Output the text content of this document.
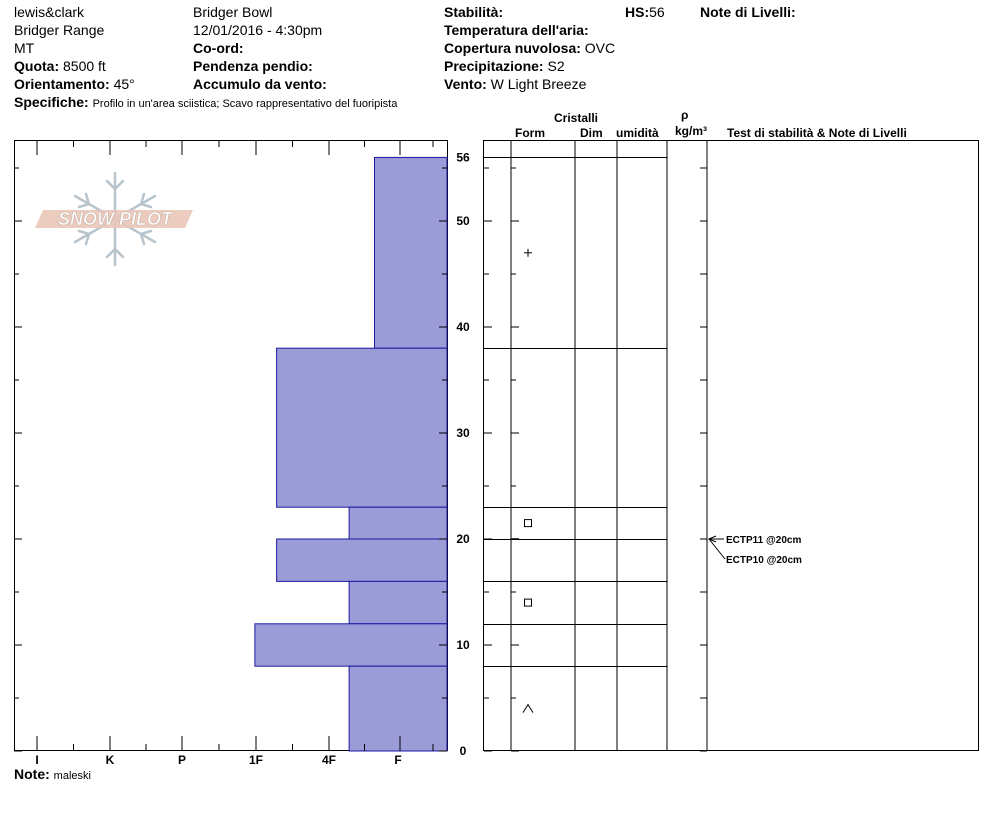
lewis&clark
Bridger Range
MT
Quota: 8500 ft
Orientamento: 45°
Specifiche: Profilo in un'area sciistica; Scavo rappresentativo del fuoripista
Bridger Bowl
12/01/2016 - 4:30pm
Co-ord:
Pendenza pendio:
Accumulo da vento:
Stabilità:
Temperatura dell'aria:
Copertura nuvolosa: OVC
Precipitazione: S2
Vento: W Light Breeze
HS:56	Note di Livelli:
Cristalli
Form	Dim umidità
ρ
kg/m³ Test di stabilità & Note di Livelli
Note: maleski
SNOW PILOT
I	K	P	1F	4F	F
0
10
20
30
40
50
56
ECTP11 @20cm
ECTP10 @20cm
